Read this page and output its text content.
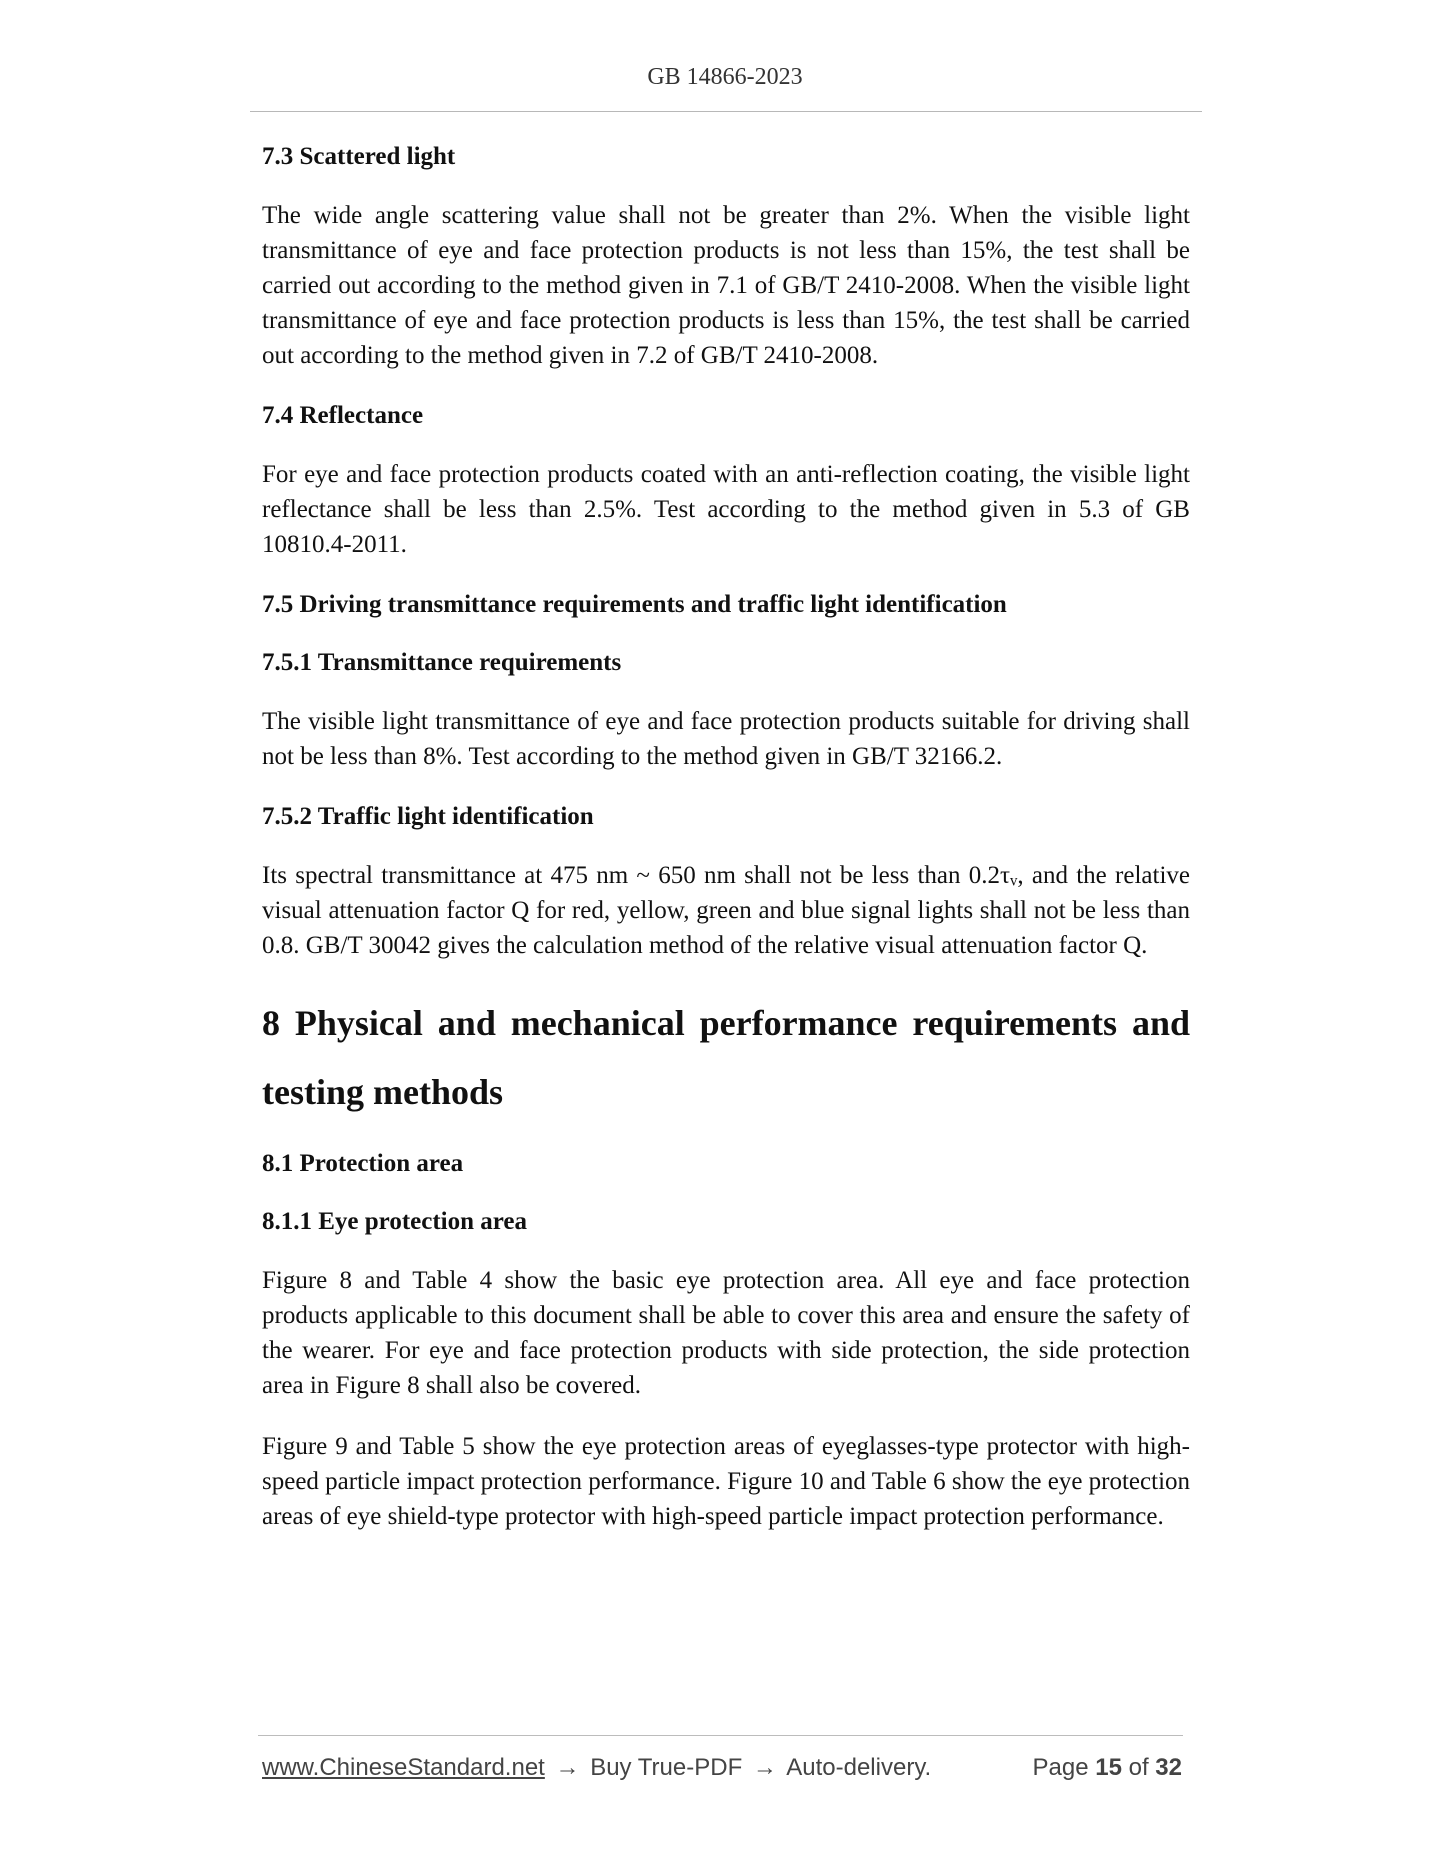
GB 14866-2023
7.3 Scattered light

The wide angle scattering value shall not be greater than 2%. When the visible light transmittance of eye and face protection products is not less than 15%, the test shall be carried out according to the method given in 7.1 of GB/T 2410-2008. When the visible light transmittance of eye and face protection products is less than 15%, the test shall be carried out according to the method given in 7.2 of GB/T 2410-2008.

7.4 Reflectance

For eye and face protection products coated with an anti-reflection coating, the visible light reflectance shall be less than 2.5%. Test according to the method given in 5.3 of GB 10810.4-2011.

7.5 Driving transmittance requirements and traffic light identification
7.5.1 Transmittance requirements

The visible light transmittance of eye and face protection products suitable for driving shall not be less than 8%. Test according to the method given in GB/T 32166.2.

7.5.2 Traffic light identification

Its spectral transmittance at 475 nm ~ 650 nm shall not be less than 0.2τᵥ, and the relative visual attenuation factor Q for red, yellow, green and blue signal lights shall not be less than 0.8. GB/T 30042 gives the calculation method of the relative visual attenuation factor Q.

8 Physical and mechanical performance requirements and testing methods
8.1 Protection area
8.1.1 Eye protection area

Figure 8 and Table 4 show the basic eye protection area. All eye and face protection products applicable to this document shall be able to cover this area and ensure the safety of the wearer. For eye and face protection products with side protection, the side protection area in Figure 8 shall also be covered.

Figure 9 and Table 5 show the eye protection areas of eyeglasses-type protector with high-speed particle impact protection performance. Figure 10 and Table 6 show the eye protection areas of eye shield-type protector with high-speed particle impact protection performance.

www.ChineseStandard.net → Buy True-PDF → Auto-delivery.	Page 15 of 32
